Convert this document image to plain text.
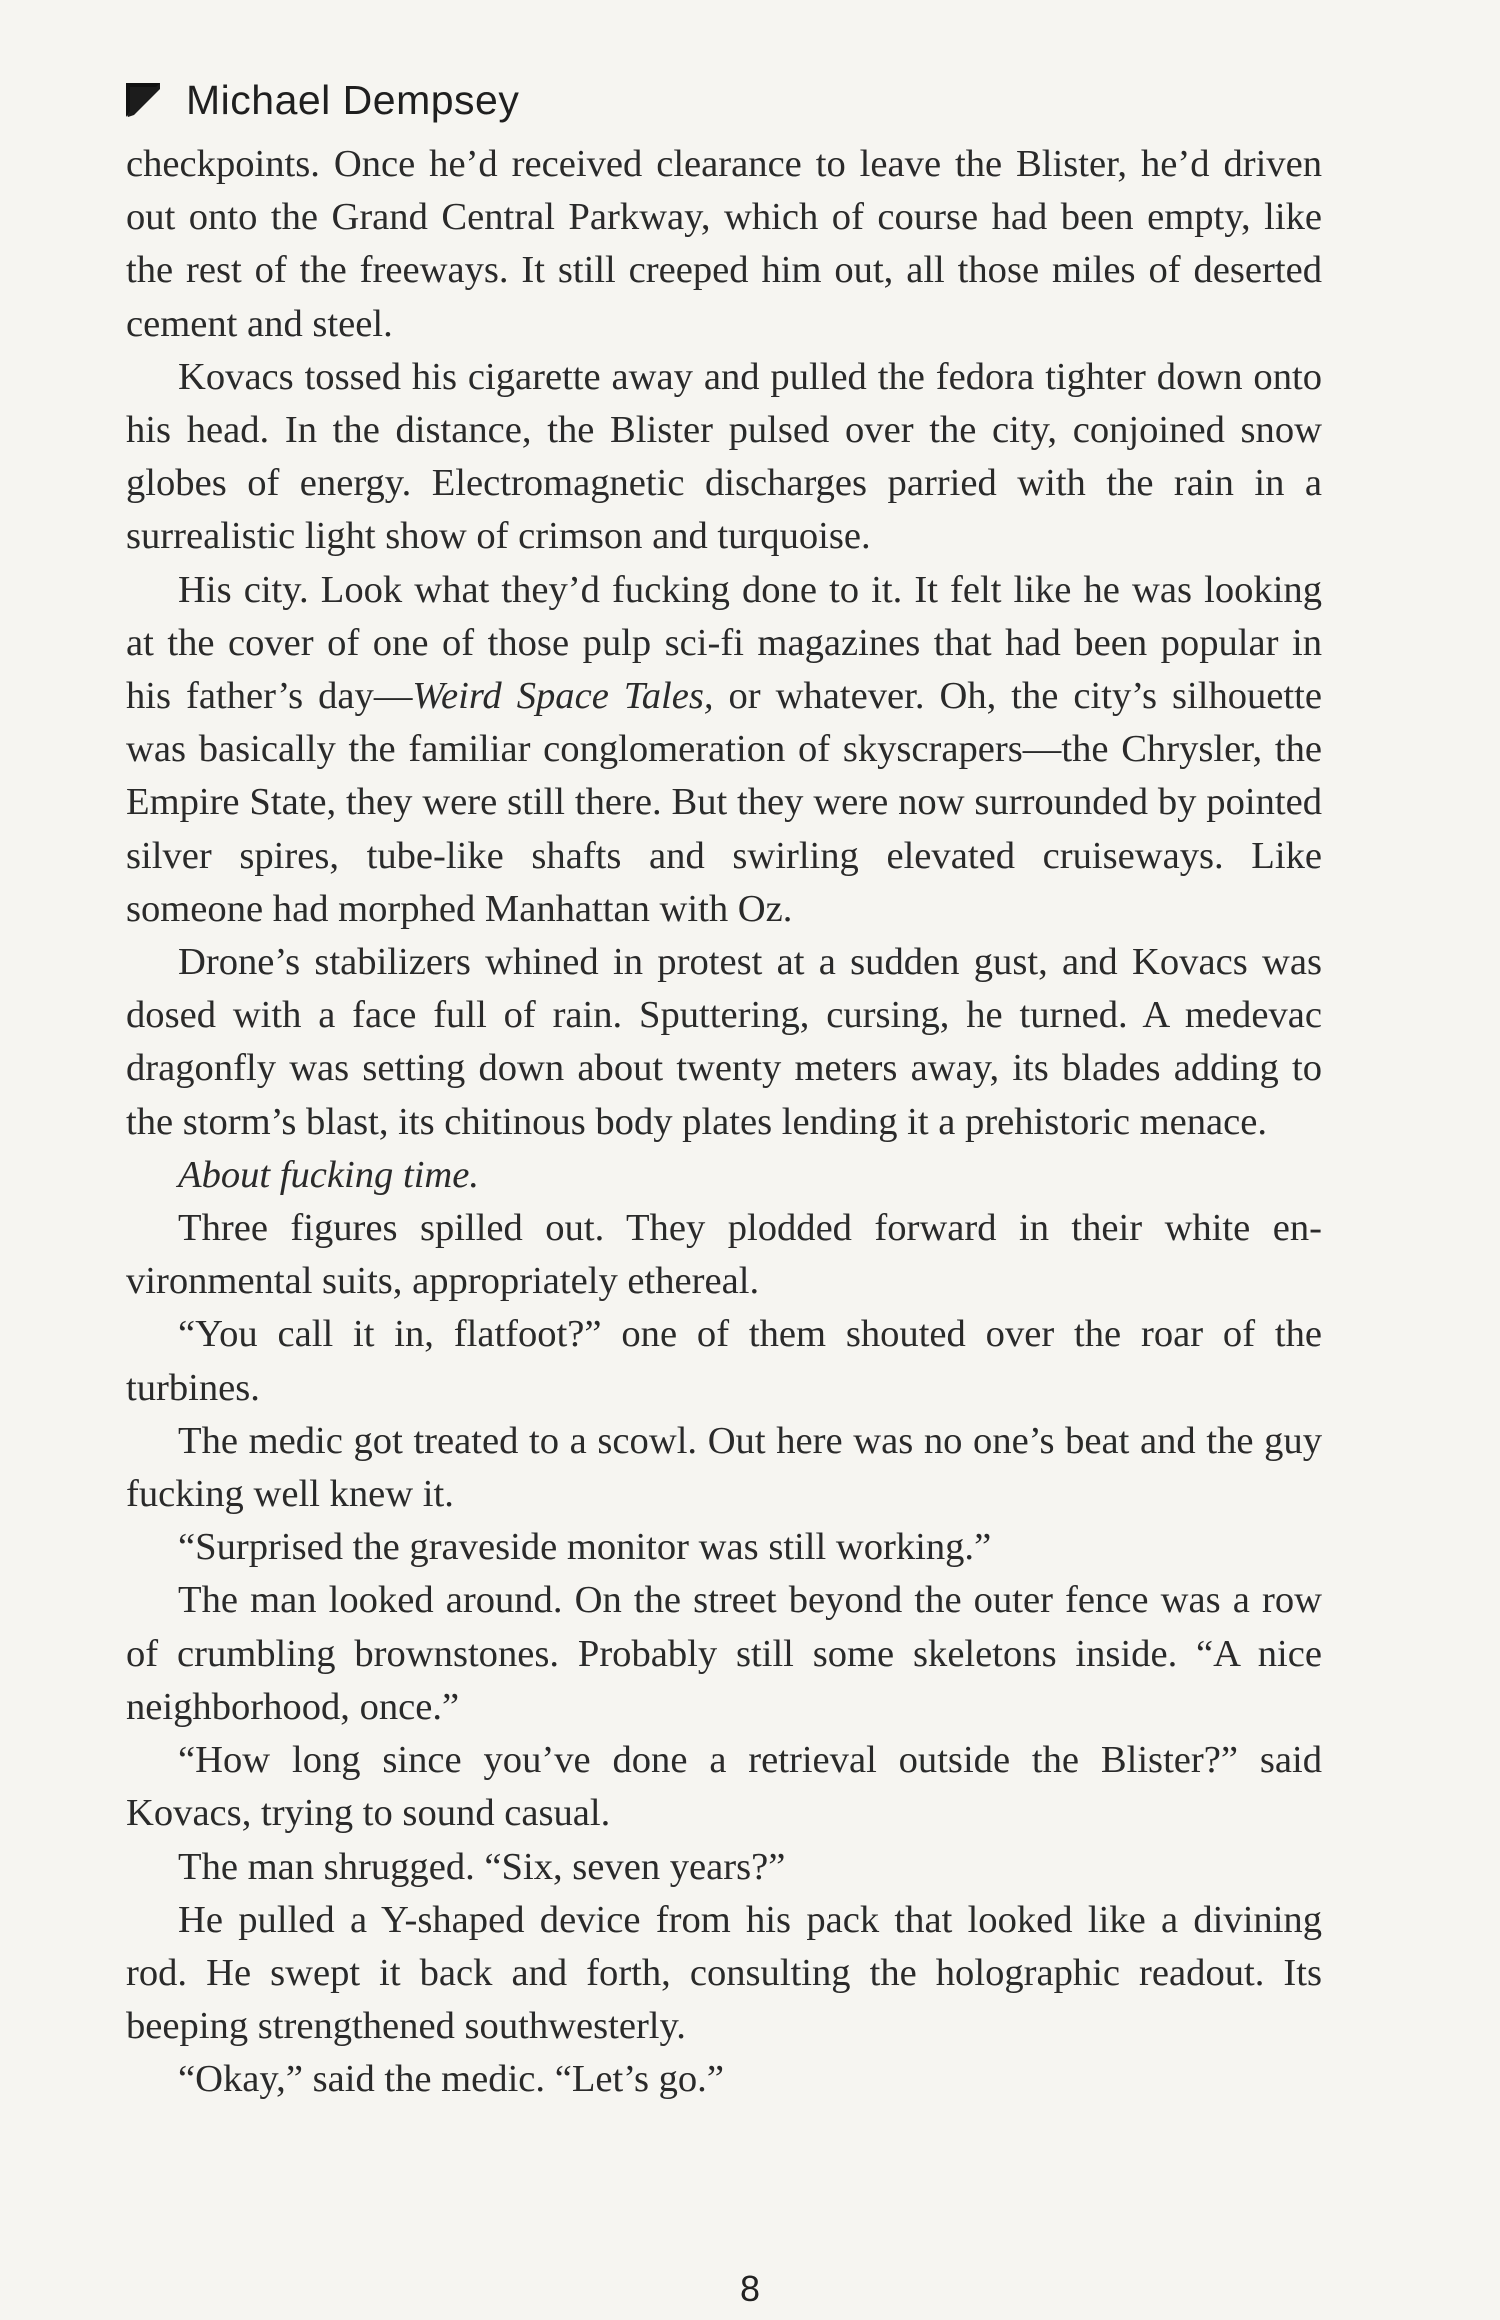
Michael Dempsey

checkpoints. Once he’d received clearance to leave the Blister, he’d driven out onto the Grand Central Parkway, which of course had been empty, like the rest of the freeways. It still creeped him out, all those miles of deserted cement and steel.

Kovacs tossed his cigarette away and pulled the fedora tighter down onto his head. In the distance, the Blister pulsed over the city, conjoined snow globes of energy. Electromagnetic discharges parried with the rain in a surrealistic light show of crimson and turquoise.

His city. Look what they’d fucking done to it. It felt like he was looking at the cover of one of those pulp sci-fi magazines that had been popular in his father’s day—Weird Space Tales, or whatever. Oh, the city’s silhouette was basically the familiar conglomeration of skyscrapers—the Chrysler, the Empire State, they were still there. But they were now surrounded by pointed silver spires, tube-like shafts and swirling elevated cruiseways. Like someone had morphed Manhattan with Oz.

Drone’s stabilizers whined in protest at a sudden gust, and Kovacs was dosed with a face full of rain. Sputtering, cursing, he turned. A medevac dragonfly was setting down about twenty meters away, its blades adding to the storm’s blast, its chitinous body plates lending it a prehistoric menace.

About fucking time.

Three figures spilled out. They plodded forward in their white environmental suits, appropriately ethereal.

“You call it in, flatfoot?” one of them shouted over the roar of the turbines.

The medic got treated to a scowl. Out here was no one’s beat and the guy fucking well knew it.

“Surprised the graveside monitor was still working.”

The man looked around. On the street beyond the outer fence was a row of crumbling brownstones. Probably still some skeletons inside. “A nice neighborhood, once.”

“How long since you’ve done a retrieval outside the Blister?” said Kovacs, trying to sound casual.

The man shrugged. “Six, seven years?”

He pulled a Y-shaped device from his pack that looked like a divining rod. He swept it back and forth, consulting the holographic readout. Its beeping strengthened southwesterly.

“Okay,” said the medic. “Let’s go.”

8
